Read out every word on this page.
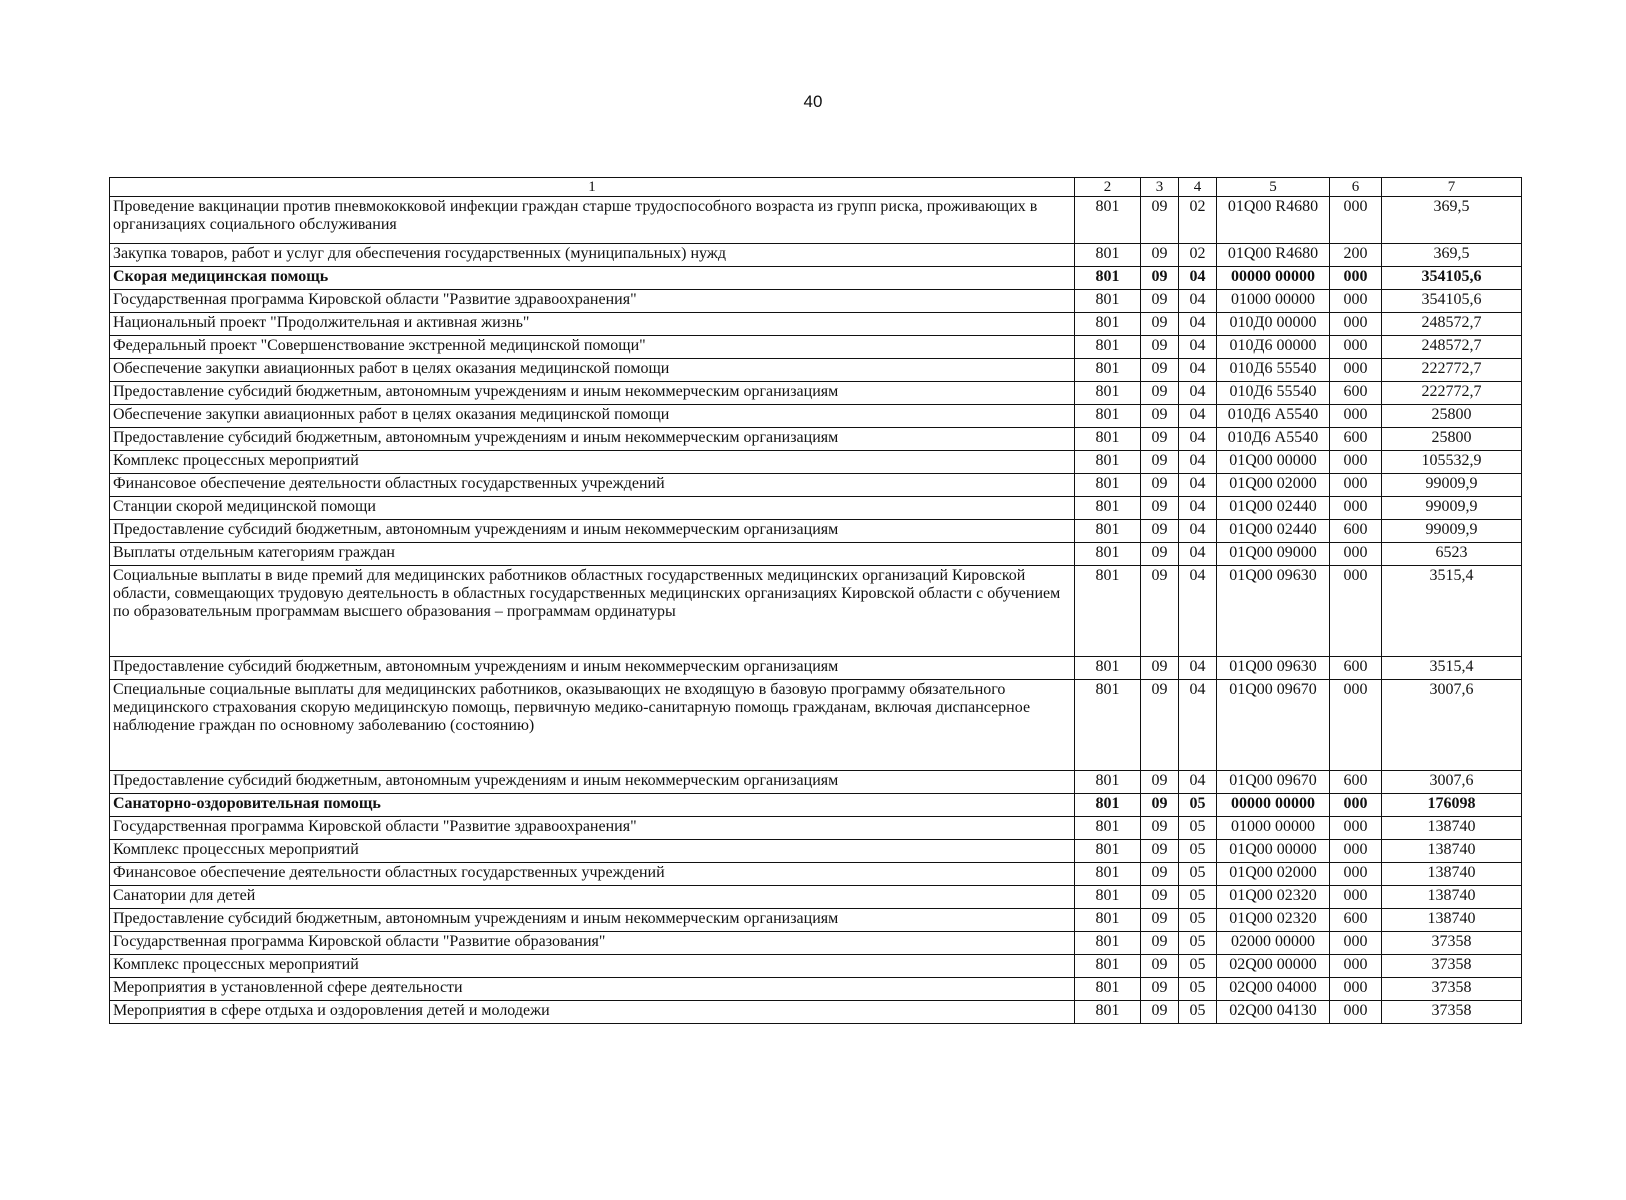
40
1	2	3	4	5	6	7
Проведение вакцинации против пневмококковой инфекции граждан старше трудоспособного возраста из групп риска, проживающих в организациях социального обслуживания	801	09	02	01Q00 R4680	000	369,5
Закупка товаров, работ и услуг для обеспечения государственных (муниципальных) нужд	801	09	02	01Q00 R4680	200	369,5
Скорая медицинская помощь	801	09	04	00000 00000	000	354105,6
Государственная программа Кировской области "Развитие здравоохранения"	801	09	04	01000 00000	000	354105,6
Национальный проект "Продолжительная и активная жизнь"	801	09	04	010Д0 00000	000	248572,7
Федеральный проект "Совершенствование экстренной медицинской помощи"	801	09	04	010Д6 00000	000	248572,7
Обеспечение закупки авиационных работ в целях оказания медицинской помощи	801	09	04	010Д6 55540	000	222772,7
Предоставление субсидий бюджетным, автономным учреждениям и иным некоммерческим организациям	801	09	04	010Д6 55540	600	222772,7
Обеспечение закупки авиационных работ в целях оказания медицинской помощи	801	09	04	010Д6 А5540	000	25800
Предоставление субсидий бюджетным, автономным учреждениям и иным некоммерческим организациям	801	09	04	010Д6 А5540	600	25800
Комплекс процессных мероприятий	801	09	04	01Q00 00000	000	105532,9
Финансовое обеспечение деятельности областных государственных учреждений	801	09	04	01Q00 02000	000	99009,9
Станции скорой медицинской помощи	801	09	04	01Q00 02440	000	99009,9
Предоставление субсидий бюджетным, автономным учреждениям и иным некоммерческим организациям	801	09	04	01Q00 02440	600	99009,9
Выплаты отдельным категориям граждан	801	09	04	01Q00 09000	000	6523
Социальные выплаты в виде премий для медицинских работников областных государственных медицинских организаций Кировской области, совмещающих трудовую деятельность в областных государственных медицинских организациях Кировской области с обучением по образовательным программам высшего образования – программам ординатуры	801	09	04	01Q00 09630	000	3515,4
Предоставление субсидий бюджетным, автономным учреждениям и иным некоммерческим организациям	801	09	04	01Q00 09630	600	3515,4
Специальные социальные выплаты для медицинских работников, оказывающих не входящую в базовую программу обязательного медицинского страхования скорую медицинскую помощь, первичную медико-санитарную помощь гражданам, включая диспансерное наблюдение граждан по основному заболеванию (состоянию)	801	09	04	01Q00 09670	000	3007,6
Предоставление субсидий бюджетным, автономным учреждениям и иным некоммерческим организациям	801	09	04	01Q00 09670	600	3007,6
Санаторно-оздоровительная помощь	801	09	05	00000 00000	000	176098
Государственная программа Кировской области "Развитие здравоохранения"	801	09	05	01000 00000	000	138740
Комплекс процессных мероприятий	801	09	05	01Q00 00000	000	138740
Финансовое обеспечение деятельности областных государственных учреждений	801	09	05	01Q00 02000	000	138740
Санатории для детей	801	09	05	01Q00 02320	000	138740
Предоставление субсидий бюджетным, автономным учреждениям и иным некоммерческим организациям	801	09	05	01Q00 02320	600	138740
Государственная программа Кировской области "Развитие образования"	801	09	05	02000 00000	000	37358
Комплекс процессных мероприятий	801	09	05	02Q00 00000	000	37358
Мероприятия в установленной сфере деятельности	801	09	05	02Q00 04000	000	37358
Мероприятия в сфере отдыха и оздоровления детей и молодежи	801	09	05	02Q00 04130	000	37358
